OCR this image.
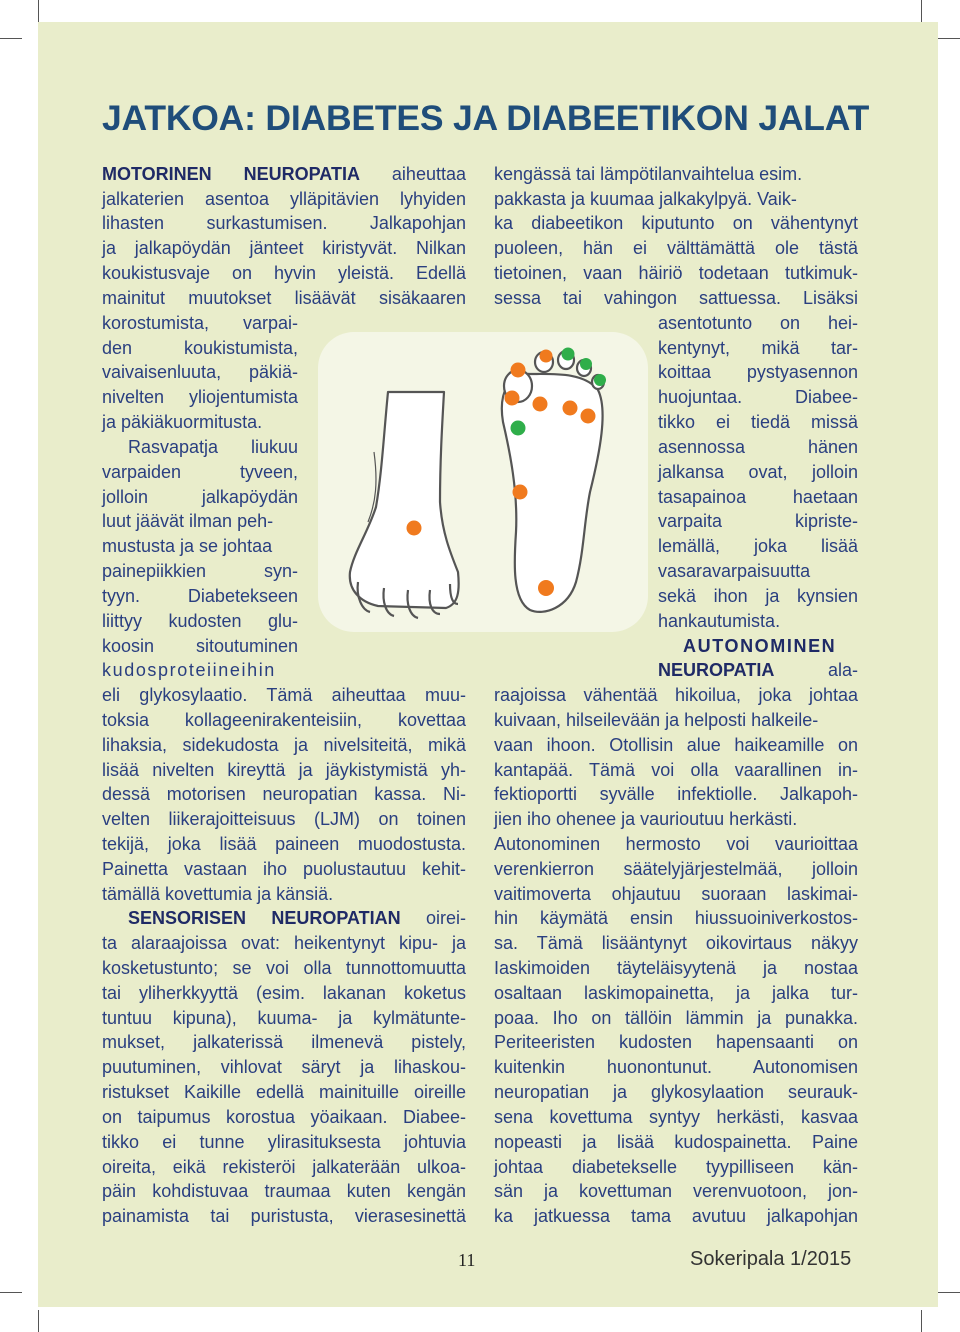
JATKOA: DIABETES JA DIABEETIKON JALAT
MOTORINEN NEUROPATIA aiheuttaa
jalkaterien asentoa ylläpitävien lyhyiden
lihasten surkastumisen. Jalkapohjan
ja jalkapöydän jänteet kiristyvät. Nilkan
koukistusvaje on hyvin yleistä. Edellä
mainitut muutokset lisäävät sisäkaaren
korostumista, varpai-
den koukistumista,
vaivaisenluuta, päkiä-
nivelten yliojentumista
ja päkiäkuormitusta.
Rasvapatja liukuu
varpaiden tyveen,
jolloin jalkapöydän
luut jäävät ilman peh-
mustusta ja se johtaa
painepiikkien syn-
tyyn. Diabetekseen
liittyy kudosten glu-
koosin sitoutuminen
kudosproteiineihin
eli glykosylaatio. Tämä aiheuttaa muu-
toksia kollageenirakenteisiin, kovettaa
lihaksia, sidekudosta ja nivelsiteitä, mikä
lisää nivelten kireyttä ja jäykistymistä yh-
dessä motorisen neuropatian kassa. Ni-
velten liikerajoitteisuus (LJM) on toinen
tekijä, joka lisää paineen muodostusta.
Painetta vastaan iho puolustautuu kehit-
tämällä kovettumia ja känsiä.
SENSORISEN NEUROPATIAN oirei-
ta alaraajoissa ovat: heikentynyt kipu- ja
kosketustunto; se voi olla tunnottomuutta
tai yliherkkyyttä (esim. lakanan koketus
tuntuu kipuna), kuuma- ja kylmätunte-
mukset, jalkaterissä ilmenevä pistely,
puutuminen, vihlovat säryt ja lihaskou-
ristukset Kaikille edellä mainituille oireille
on taipumus korostua yöaikaan. Diabee-
tikko ei tunne ylirasituksesta johtuvia
oireita, eikä rekisteröi jalkaterään ulkoa-
päin kohdistuvaa traumaa kuten kengän
painamista tai puristusta, vierasesinettä
kengässä tai lämpötilanvaihtelua esim.
pakkasta ja kuumaa jalkakylpyä. Vaik-
ka diabeetikon kiputunto on vähentynyt
puoleen, hän ei välttämättä ole tästä
tietoinen, vaan häiriö todetaan tutkimuk-
sessa tai vahingon sattuessa. Lisäksi
asentotunto on hei-
kentynyt, mikä tar-
koittaa pystyasennon
huojuntaa. Diabee-
tikko ei tiedä missä
asennossa hänen
jalkansa ovat, jolloin
tasapainoa haetaan
varpaita kipriste-
lemällä, joka lisää
vasaravarpaisuutta
sekä ihon ja kynsien
hankautumista.
AUTONOMINEN
NEUROPATIA ala-
raajoissa vähentää hikoilua, joka johtaa
kuivaan, hilseilevään ja helposti halkeile-
vaan ihoon. Otollisin alue haikeamille on
kantapää. Tämä voi olla vaarallinen in-
fektioportti syvälle infektiolle. Jalkapoh-
jien iho ohenee ja vaurioutuu herkästi.
Autonominen hermosto voi vaurioittaa
verenkierron säätelyjärjestelmää, jolloin
vaitimoverta ohjautuu suoraan laskimai-
hin käymätä ensin hiussuoiniverkostos-
sa. Tämä lisääntynyt oikovirtaus näkyy
Iaskimoiden täyteläisyytenä ja nostaa
osaltaan laskimopainetta, ja jalka tur-
poaa. Iho on tällöin lämmin ja punakka.
Periteeristen kudosten hapensaanti on
kuitenkin huonontunut. Autonomisen
neuropatian ja glykosylaation seurauk-
sena kovettuma syntyy herkästi, kasvaa
nopeasti ja lisää kudospainetta. Paine
johtaa diabetekselle tyypilliseen kän-
sän ja kovettuman verenvuotoon, jon-
ka jatkuessa tama avutuu jalkapohjan
11	Sokeripala 1/2015
